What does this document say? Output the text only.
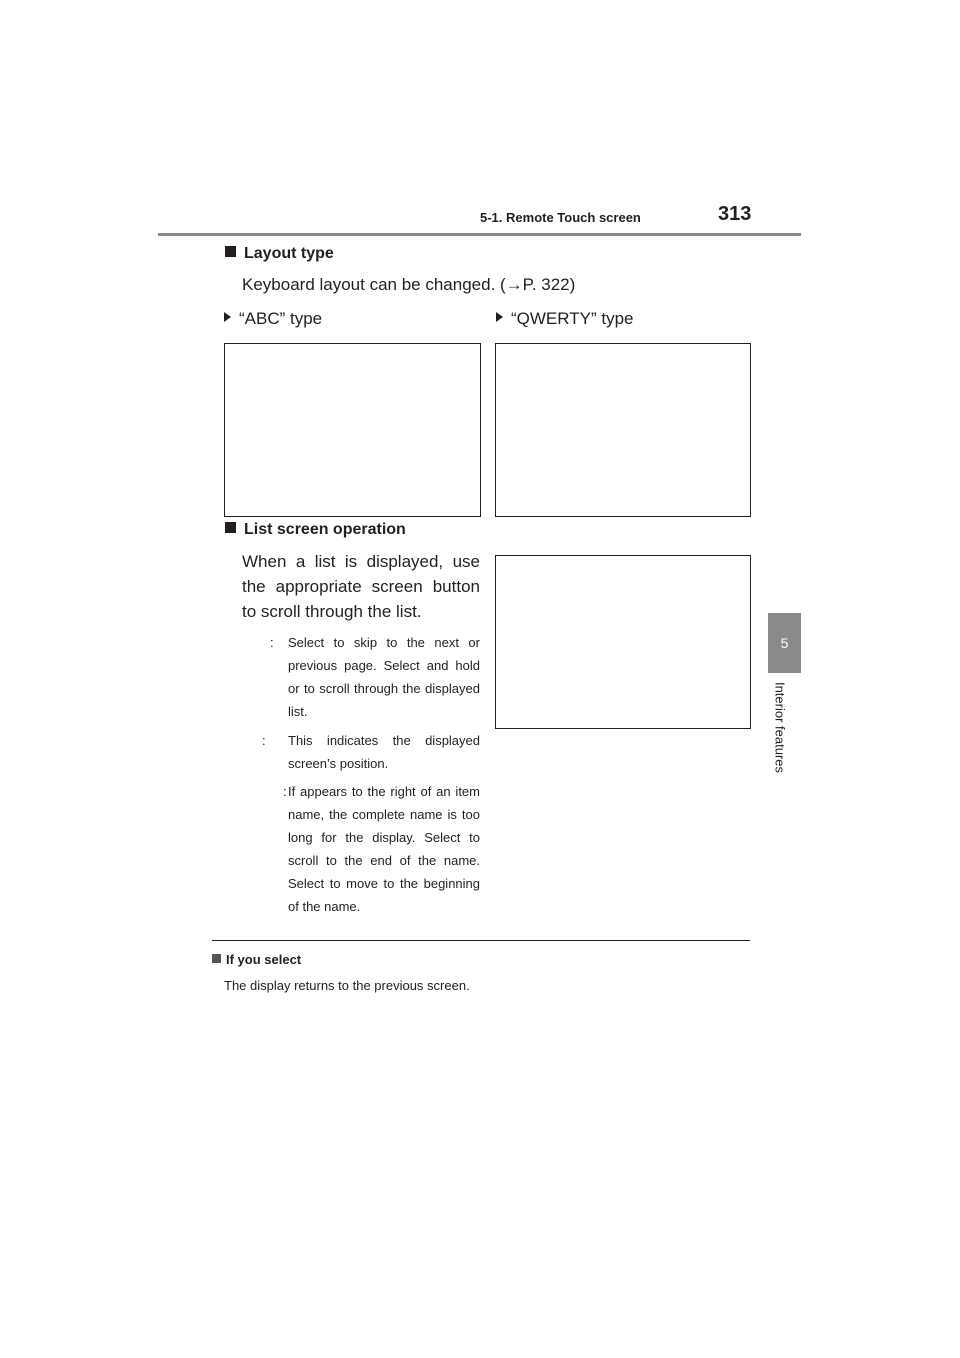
5-1. Remote Touch screen	313
5
Interior features
Layout type
Keyboard layout can be changed. (→P. 322)
“ABC” type	“QWERTY” type
List screen operation
When a list is displayed, use the appropriate screen button to scroll through the list.
: Select to skip to the next or previous page. Select and hold or to scroll through the displayed list.
: This indicates the displayed screen’s position.
: If appears to the right of an item name, the complete name is too long for the display. Select to scroll to the end of the name. Select to move to the beginning of the name.
If you select
The display returns to the previous screen.
